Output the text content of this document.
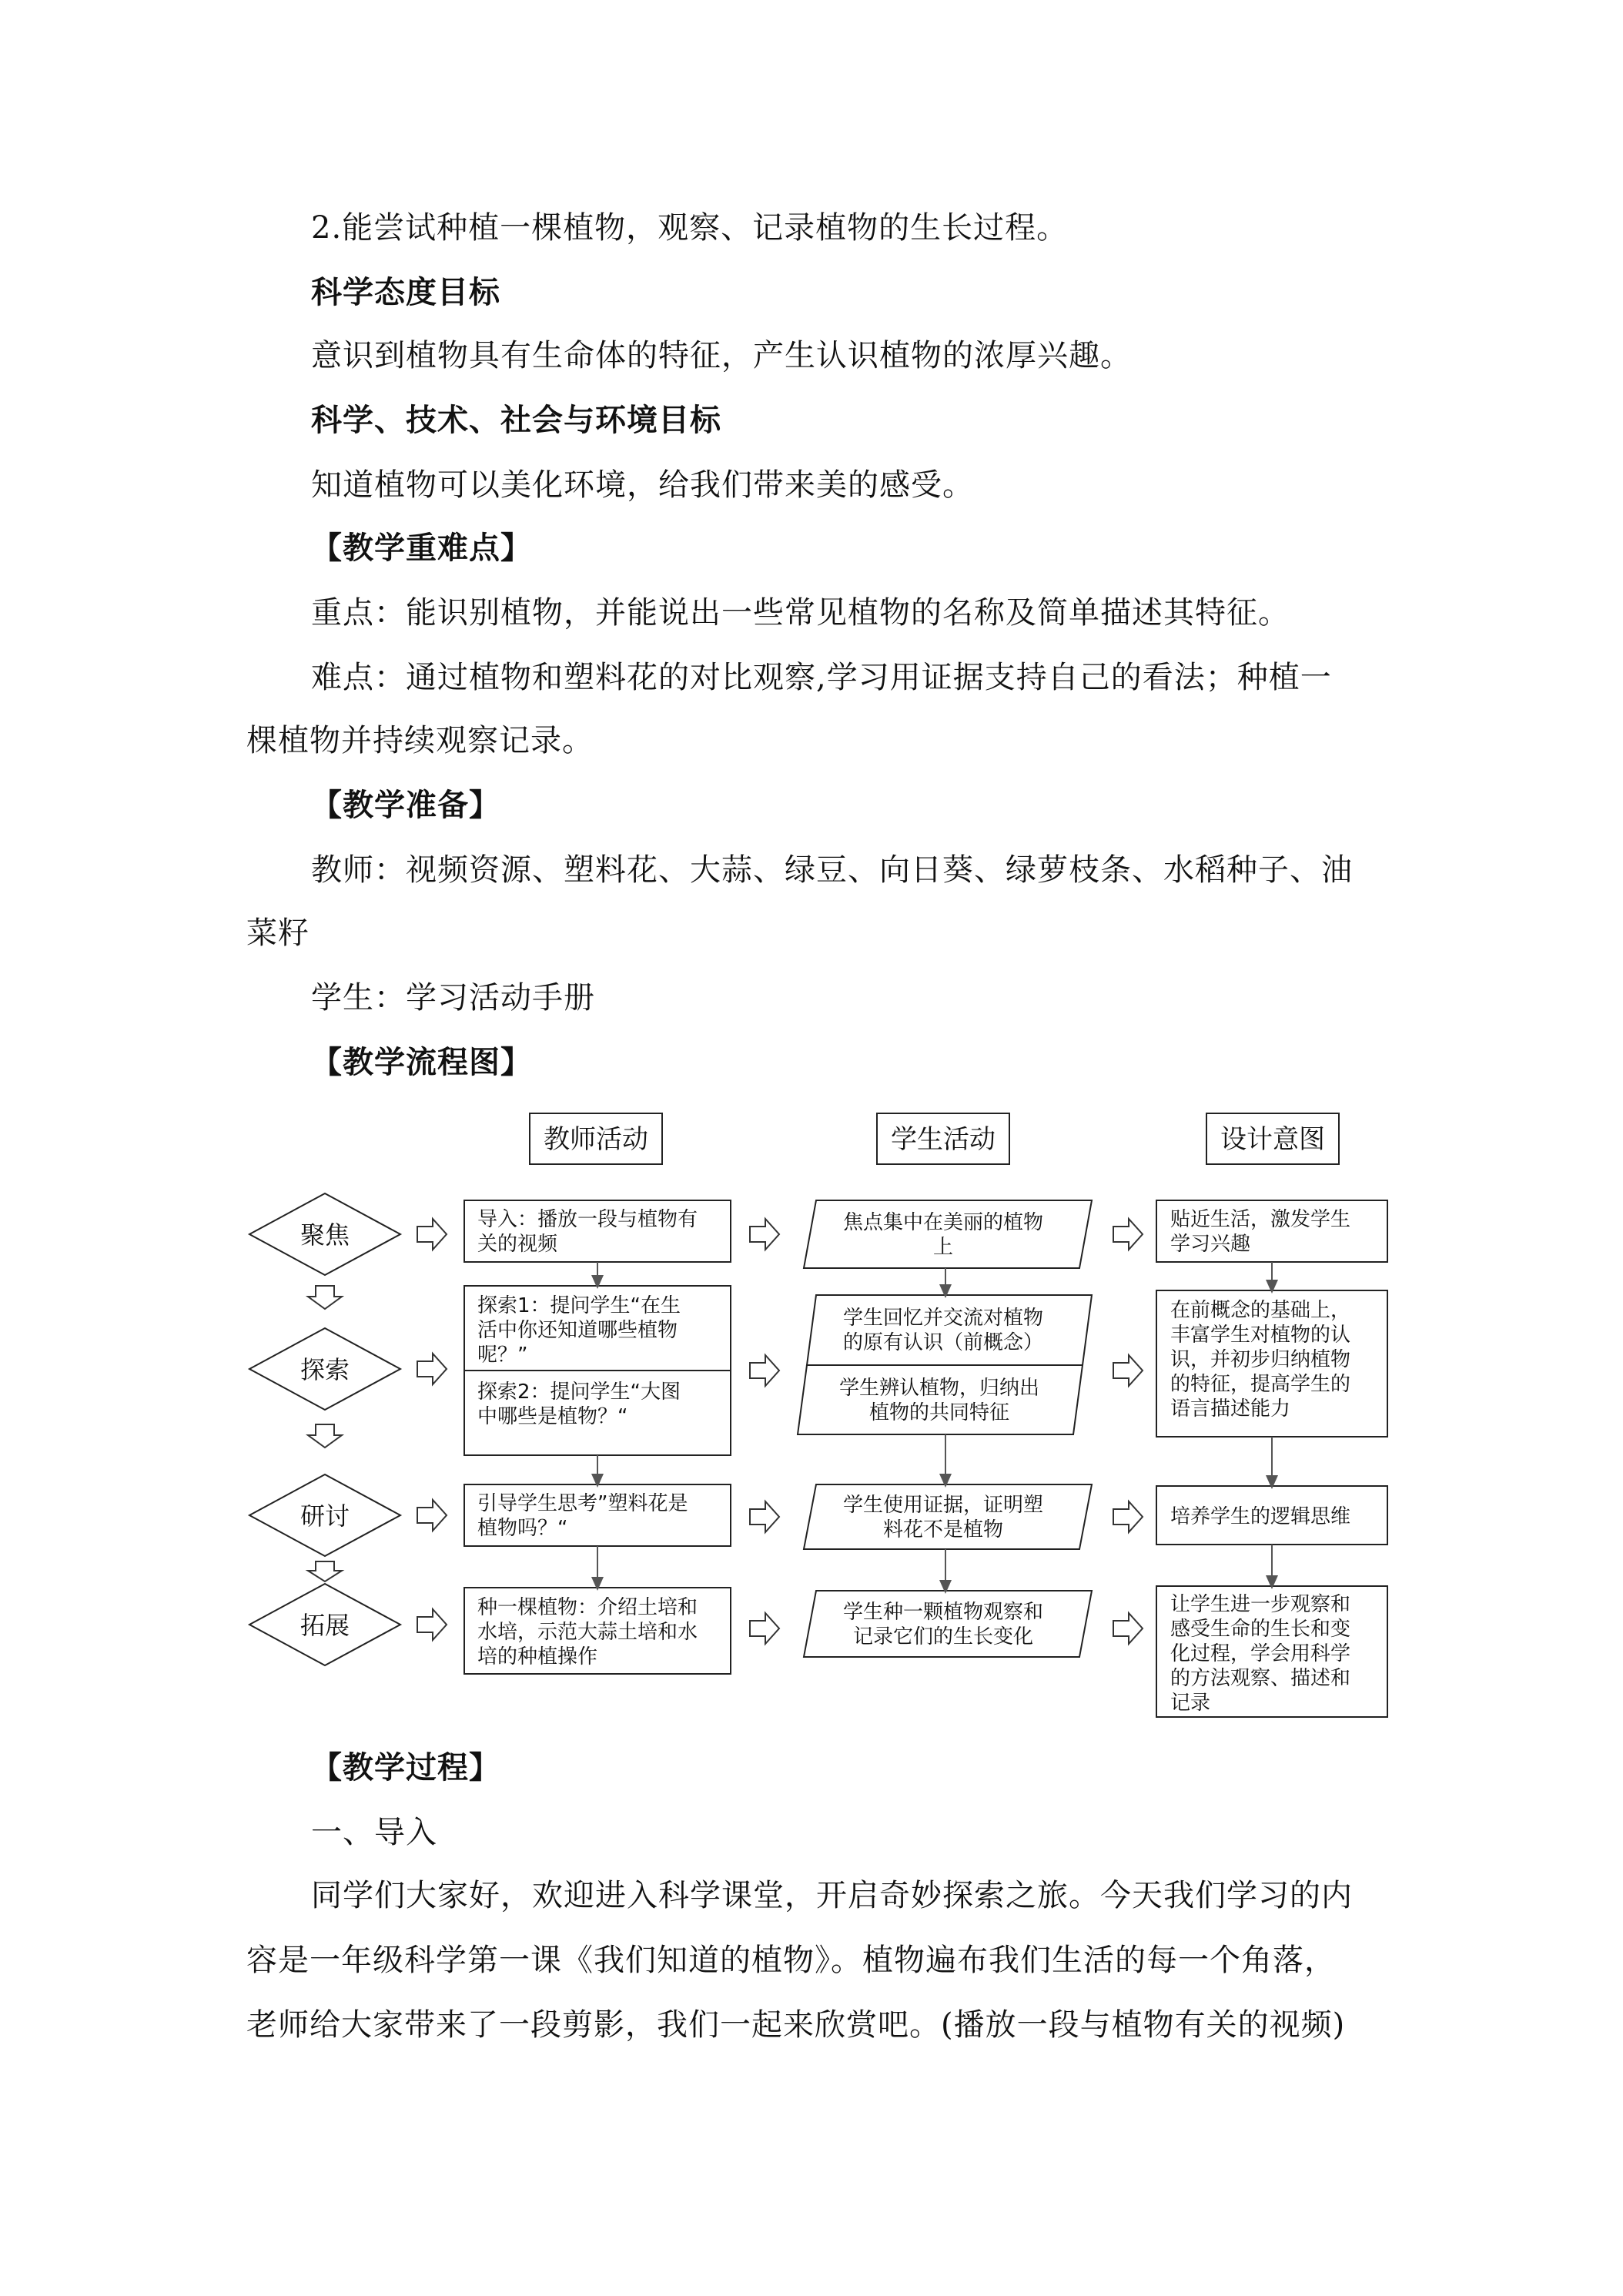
2.能尝试种植一棵植物，观察、记录植物的生长过程。
科学态度目标
意识到植物具有生命体的特征，产生认识植物的浓厚兴趣。
科学、技术、社会与环境目标
知道植物可以美化环境，给我们带来美的感受。
【教学重难点】
重点：能识别植物，并能说出一些常见植物的名称及简单描述其特征。
难点：通过植物和塑料花的对比观察,学习用证据支持自己的看法；种植一
棵植物并持续观察记录。
【教学准备】
教师：视频资源、塑料花、大蒜、绿豆、向日葵、绿萝枝条、水稻种子、油
菜籽
学生：学习活动手册
【教学流程图】
教师活动	学生活动	设计意图
聚焦
探索
研讨
拓展
导入：播放一段与植物有
关的视频
探索1：提问学生“在生
活中你还知道哪些植物
呢？”
探索2：提问学生“大图
中哪些是植物？“
引导学生思考”塑料花是
植物吗？“
种一棵植物：介绍土培和
水培，示范大蒜土培和水
培的种植操作
焦点集中在美丽的植物
上
学生回忆并交流对植物
的原有认识（前概念）
学生辨认植物，归纳出
植物的共同特征
学生使用证据，证明塑
料花不是植物
学生种一颗植物观察和
记录它们的生长变化
贴近生活，激发学生
学习兴趣
在前概念的基础上，
丰富学生对植物的认
识，并初步归纳植物
的特征，提高学生的
语言描述能力
培养学生的逻辑思维
让学生进一步观察和
感受生命的生长和变
化过程，学会用科学
的方法观察、描述和
记录
【教学过程】
一、导入
同学们大家好，欢迎进入科学课堂，开启奇妙探索之旅。今天我们学习的内
容是一年级科学第一课《我们知道的植物》。植物遍布我们生活的每一个角落，
老师给大家带来了一段剪影，我们一起来欣赏吧。(播放一段与植物有关的视频)
